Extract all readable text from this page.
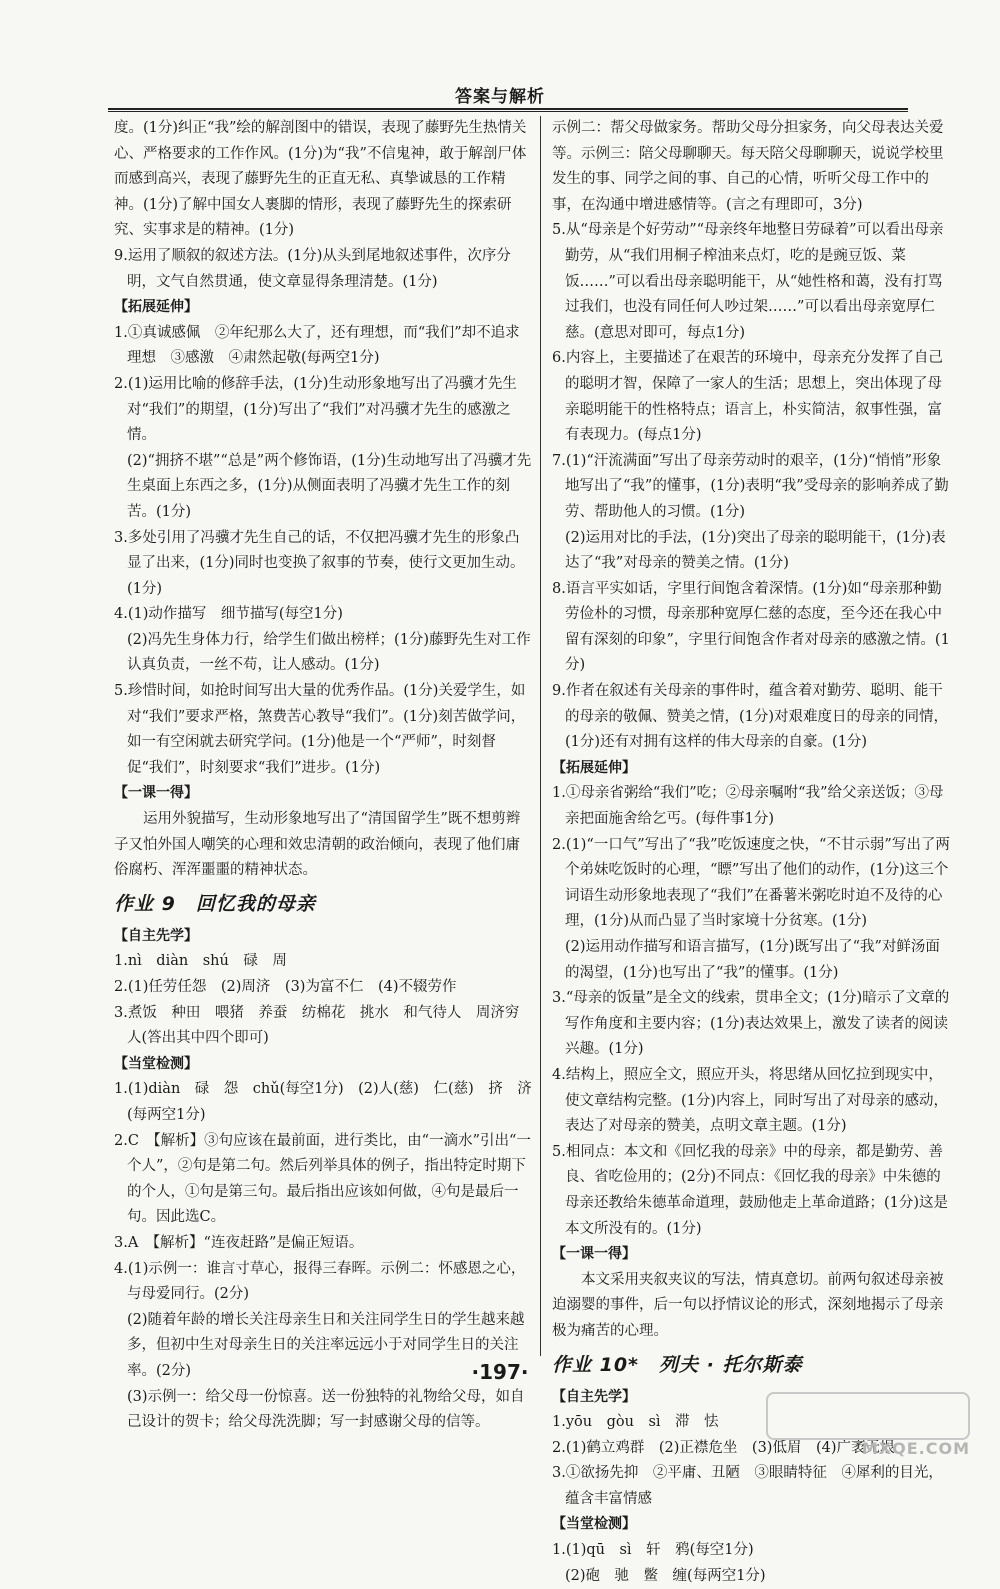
答案与解析

度。(1分)纠正“我”绘的解剖图中的错误，表现了藤野先生热情关心、严格要求的工作作风。(1分)为“我”不信鬼神，敢于解剖尸体而感到高兴，表现了藤野先生的正直无私、真挚诚恳的工作精神。(1分)了解中国女人裹脚的情形，表现了藤野先生的探索研究、实事求是的精神。(1分)

9.运用了顺叙的叙述方法。(1分)从头到尾地叙述事件，次序分明，文气自然贯通，使文章显得条理清楚。(1分)

【拓展延伸】

1.①真诚感佩　②年纪那么大了，还有理想，而“我们”却不追求理想　③感激　④肃然起敬(每两空1分)

2.(1)运用比喻的修辞手法，(1分)生动形象地写出了冯骥才先生对“我们”的期望，(1分)写出了“我们”对冯骥才先生的感激之情。

(2)“拥挤不堪”“总是”两个修饰语，(1分)生动地写出了冯骥才先生桌面上东西之多，(1分)从侧面表明了冯骥才先生工作的刻苦。(1分)

3.多处引用了冯骥才先生自己的话，不仅把冯骥才先生的形象凸显了出来，(1分)同时也变换了叙事的节奏，使行文更加生动。(1分)

4.(1)动作描写　细节描写(每空1分)

(2)冯先生身体力行，给学生们做出榜样；(1分)藤野先生对工作认真负责，一丝不苟，让人感动。(1分)

5.珍惜时间，如抢时间写出大量的优秀作品。(1分)关爱学生，如对“我们”要求严格，煞费苦心教导“我们”。(1分)刻苦做学问，如一有空闲就去研究学问。(1分)他是一个“严师”，时刻督促“我们”，时刻要求“我们”进步。(1分)

【一课一得】

运用外貌描写，生动形象地写出了“清国留学生”既不想剪辫子又怕外国人嘲笑的心理和效忠清朝的政治倾向，表现了他们庸俗腐朽、浑浑噩噩的精神状态。

作业 9　回忆我的母亲

【自主先学】

1.nì　diàn　shú　碌　周

2.(1)任劳任怨　(2)周济　(3)为富不仁　(4)不辍劳作

3.煮饭　种田　喂猪　养蚕　纺棉花　挑水　和气待人　周济穷人(答出其中四个即可)

【当堂检测】

1.(1)diàn　碌　怨　chǔ(每空1分)　(2)人(慈)　仁(慈)　挤　济(每两空1分)

2.C　【解析】③句应该在最前面，进行类比，由“一滴水”引出“一个人”，②句是第二句。然后列举具体的例子，指出特定时期下的个人，①句是第三句。最后指出应该如何做，④句是最后一句。因此选C。

3.A　【解析】“连夜赶路”是偏正短语。

4.(1)示例一：谁言寸草心，报得三春晖。示例二：怀感恩之心，与母爱同行。(2分)

(2)随着年龄的增长关注母亲生日和关注同学生日的学生越来越多，但初中生对母亲生日的关注率远远小于对同学生日的关注率。(2分)

(3)示例一：给父母一份惊喜。送一份独特的礼物给父母，如自己设计的贺卡；给父母洗洗脚；写一封感谢父母的信等。

示例二：帮父母做家务。帮助父母分担家务，向父母表达关爱等。示例三：陪父母聊聊天。每天陪父母聊聊天，说说学校里发生的事、同学之间的事、自己的心情，听听父母工作中的事，在沟通中增进感情等。(言之有理即可，3分)

5.从“母亲是个好劳动”“母亲终年地整日劳碌着”可以看出母亲勤劳，从“我们用桐子榨油来点灯，吃的是豌豆饭、菜饭……”可以看出母亲聪明能干，从“她性格和蔼，没有打骂过我们，也没有同任何人吵过架……”可以看出母亲宽厚仁慈。(意思对即可，每点1分)

6.内容上，主要描述了在艰苦的环境中，母亲充分发挥了自己的聪明才智，保障了一家人的生活；思想上，突出体现了母亲聪明能干的性格特点；语言上，朴实简洁，叙事性强，富有表现力。(每点1分)

7.(1)“汗流满面”写出了母亲劳动时的艰辛，(1分)“悄悄”形象地写出了“我”的懂事，(1分)表明“我”受母亲的影响养成了勤劳、帮助他人的习惯。(1分)

(2)运用对比的手法，(1分)突出了母亲的聪明能干，(1分)表达了“我”对母亲的赞美之情。(1分)

8.语言平实如话，字里行间饱含着深情。(1分)如“母亲那种勤劳俭朴的习惯，母亲那种宽厚仁慈的态度，至今还在我心中留有深刻的印象”，字里行间饱含作者对母亲的感激之情。(1分)

9.作者在叙述有关母亲的事件时，蕴含着对勤劳、聪明、能干的母亲的敬佩、赞美之情，(1分)对艰难度日的母亲的同情，(1分)还有对拥有这样的伟大母亲的自豪。(1分)

【拓展延伸】

1.①母亲省粥给“我们”吃；②母亲嘱咐“我”给父亲送饭；③母亲把面施舍给乞丐。(每件事1分)

2.(1)“一口气”写出了“我”吃饭速度之快，“不甘示弱”写出了两个弟妹吃饭时的心理，“瞟”写出了他们的动作，(1分)这三个词语生动形象地表现了“我们”在番薯米粥吃时迫不及待的心理，(1分)从而凸显了当时家境十分贫寒。(1分)

(2)运用动作描写和语言描写，(1分)既写出了“我”对鲜汤面的渴望，(1分)也写出了“我”的懂事。(1分)

3.“母亲的饭量”是全文的线索，贯串全文；(1分)暗示了文章的写作角度和主要内容；(1分)表达效果上，激发了读者的阅读兴趣。(1分)

4.结构上，照应全文，照应开头，将思绪从回忆拉到现实中，使文章结构完整。(1分)内容上，同时写出了对母亲的感动，表达了对母亲的赞美，点明文章主题。(1分)

5.相同点：本文和《回忆我的母亲》中的母亲，都是勤劳、善良、省吃俭用的；(2分)不同点：《回忆我的母亲》中朱德的母亲还教给朱德革命道理，鼓励他走上革命道路；(1分)这是本文所没有的。(1分)

【一课一得】

本文采用夹叙夹议的写法，情真意切。前两句叙述母亲被迫溺婴的事件，后一句以抒情议论的形式，深刻地揭示了母亲极为痛苦的心理。

作业 10*　列夫 · 托尔斯泰

【自主先学】

1.yōu　gòu　sì　滞　怯

2.(1)鹤立鸡群　(2)正襟危坐　(3)低眉　(4)广袤无垠

3.①欲扬先抑　②平庸、丑陋　③眼睛特征　④犀利的目光，蕴含丰富情感

【当堂检测】

1.(1)qū　sì　轩　鸦(每空1分)

(2)砲　驰　鳖　缠(每两空1分)

·197·
MXQE.COM
